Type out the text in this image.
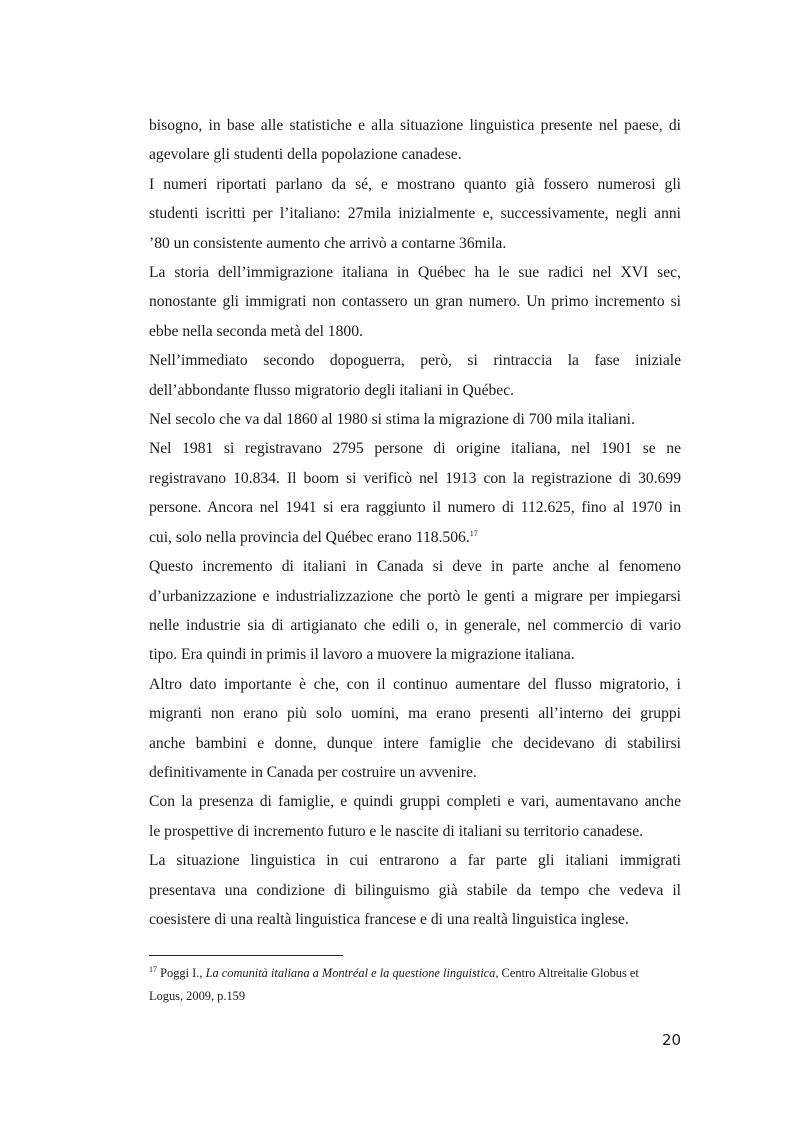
bisogno, in base alle statistiche e alla situazione linguistica presente nel paese, di
agevolare gli studenti della popolazione canadese.
I numeri riportati parlano da sé, e mostrano quanto già fossero numerosi gli
studenti iscritti per l’italiano: 27mila inizialmente e, successivamente, negli anni
’80 un consistente aumento che arrivò a contarne 36mila.
La storia dell’immigrazione italiana in Québec ha le sue radici nel XVI sec,
nonostante gli immigrati non contassero un gran numero. Un primo incremento si
ebbe nella seconda metà del 1800.
Nell’immediato secondo dopoguerra, però, si rintraccia la fase iniziale
dell’abbondante flusso migratorio degli italiani in Québec.
Nel secolo che va dal 1860 al 1980 si stima la migrazione di 700 mila italiani.
Nel 1981 si registravano 2795 persone di origine italiana, nel 1901 se ne
registravano 10.834. Il boom si verificò nel 1913 con la registrazione di 30.699
persone. Ancora nel 1941 si era raggiunto il numero di 112.625, fino al 1970 in
cui, solo nella provincia del Québec erano 118.506.17
Questo incremento di italiani in Canada si deve in parte anche al fenomeno
d’urbanizzazione e industrializzazione che portò le genti a migrare per impiegarsi
nelle industrie sia di artigianato che edili o, in generale, nel commercio di vario
tipo. Era quindi in primis il lavoro a muovere la migrazione italiana.
Altro dato importante è che, con il continuo aumentare del flusso migratorio, i
migranti non erano più solo uomini, ma erano presenti all’interno dei gruppi
anche bambini e donne, dunque intere famiglie che decidevano di stabilirsi
definitivamente in Canada per costruire un avvenire.
Con la presenza di famiglie, e quindi gruppi completi e vari, aumentavano anche
le prospettive di incremento futuro e le nascite di italiani su territorio canadese.
La situazione linguistica in cui entrarono a far parte gli italiani immigrati
presentava una condizione di bilinguismo già stabile da tempo che vedeva il
coesistere di una realtà linguistica francese e di una realtà linguistica inglese.
$^{17}$ Poggi I., La comunità italiana a Montréal e la questione linguistica, Centro Altreitalie Globus et
Logus, 2009, p.159
20
